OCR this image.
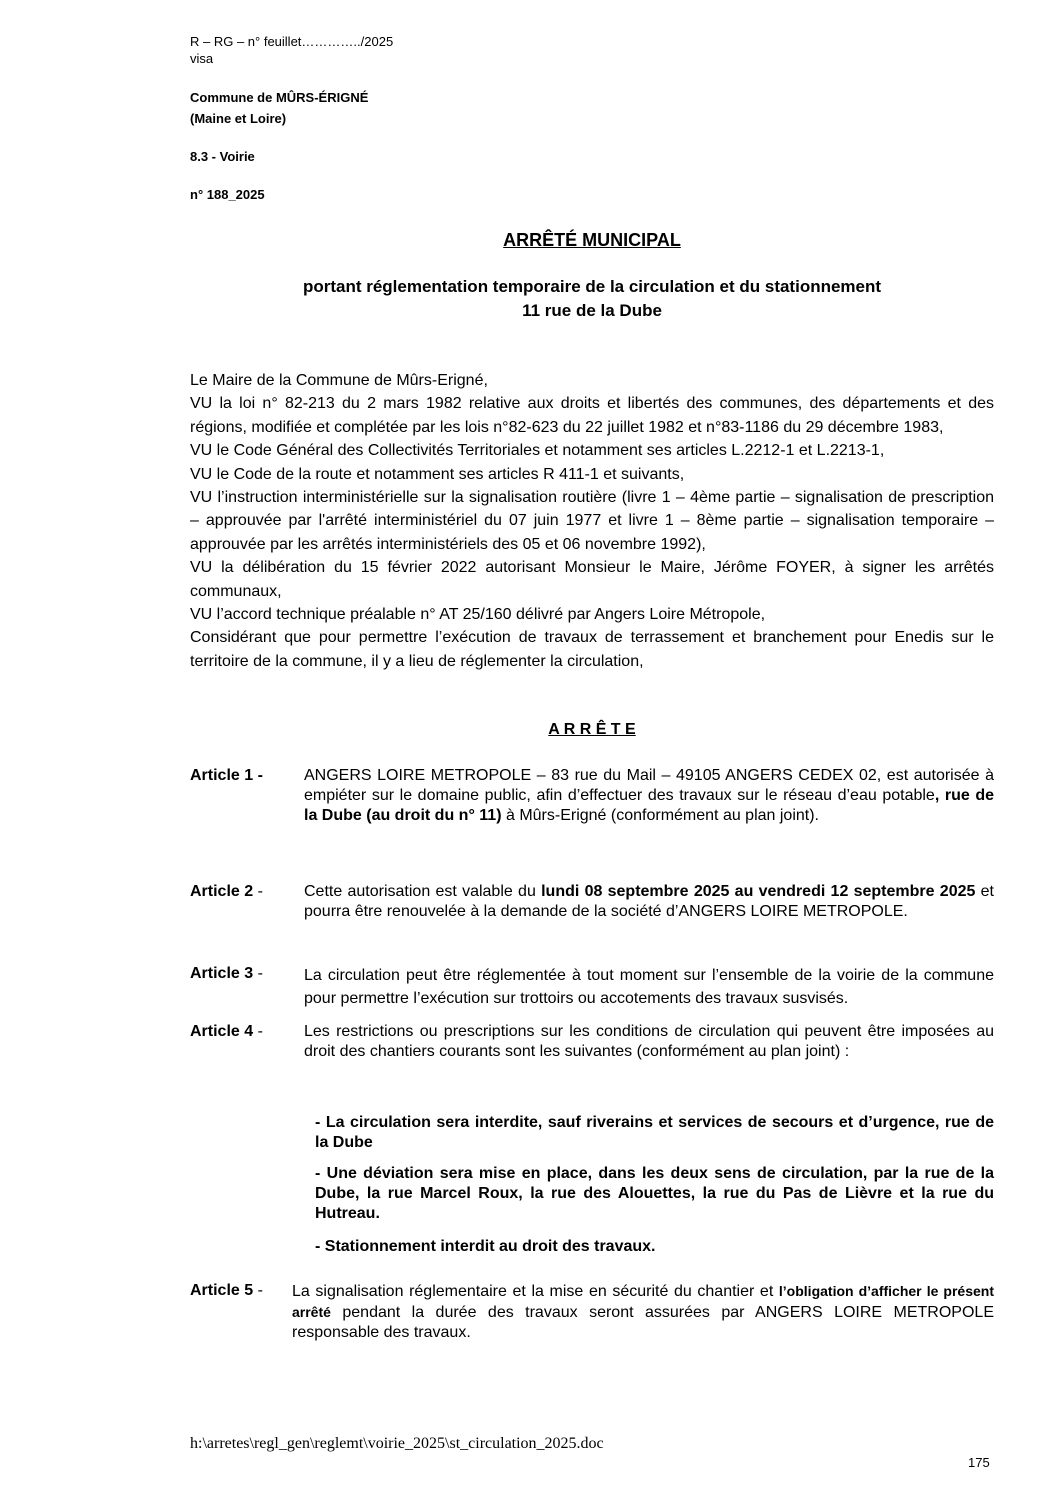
R – RG – n° feuillet…………../2025
visa
Commune de MÛRS-ÉRIGNÉ
(Maine et Loire)
8.3 - Voirie
n° 188_2025
ARRÊTÉ MUNICIPAL
portant réglementation temporaire de la circulation et du stationnement
11 rue de la Dube

Le Maire de la Commune de Mûrs-Erigné,

VU la loi n° 82-213 du 2 mars 1982 relative aux droits et libertés des communes, des départements et des régions, modifiée et complétée par les lois n°82-623 du 22 juillet 1982 et n°83-1186 du 29 décembre 1983,

VU le Code Général des Collectivités Territoriales et notamment ses articles L.2212-1 et L.2213-1,

VU le Code de la route et notamment ses articles R 411-1 et suivants,

VU l’instruction interministérielle sur la signalisation routière (livre 1 – 4ème partie – signalisation de prescription – approuvée par l'arrêté interministériel du 07 juin 1977 et livre 1 – 8ème partie – signalisation temporaire – approuvée par les arrêtés interministériels des 05 et 06 novembre 1992),

VU la délibération du 15 février 2022 autorisant Monsieur le Maire, Jérôme FOYER, à signer les arrêtés communaux,

VU l’accord technique préalable n° AT 25/160 délivré par Angers Loire Métropole,

Considérant que pour permettre l’exécution de travaux de terrassement et branchement pour Enedis sur le territoire de la commune, il y a lieu de réglementer la circulation,

A R R Ê T E
Article 1 -	ANGERS LOIRE METROPOLE – 83 rue du Mail – 49105 ANGERS CEDEX 02, est autorisée à empiéter sur le domaine public, afin d’effectuer des travaux sur le réseau d’eau potable, rue de la Dube (au droit du n° 11) à Mûrs-Erigné (conformément au plan joint).

Article 2 -	Cette autorisation est valable du lundi 08 septembre 2025 au vendredi 12 septembre 2025 et pourra être renouvelée à la demande de la société d’ANGERS LOIRE METROPOLE.

Article 3 -	La circulation peut être réglementée à tout moment sur l’ensemble de la voirie de la commune pour permettre l’exécution sur trottoirs ou accotements des travaux susvisés.

Article 4 -	Les restrictions ou prescriptions sur les conditions de circulation qui peuvent être imposées au droit des chantiers courants sont les suivantes (conformément au plan joint) :

- La circulation sera interdite, sauf riverains et services de secours et d’urgence, rue de la Dube
- Une déviation sera mise en place, dans les deux sens de circulation, par la rue de la Dube, la rue Marcel Roux, la rue des Alouettes, la rue du Pas de Lièvre et la rue du Hutreau.
- Stationnement interdit au droit des travaux.
Article 5 - La signalisation réglementaire et la mise en sécurité du chantier et l’obligation d’afficher le présent arrêté pendant la durée des travaux seront assurées par ANGERS LOIRE METROPOLE responsable des travaux.

h:\arretes\regl_gen\reglemt\voirie_2025\st_circulation_2025.doc
175
